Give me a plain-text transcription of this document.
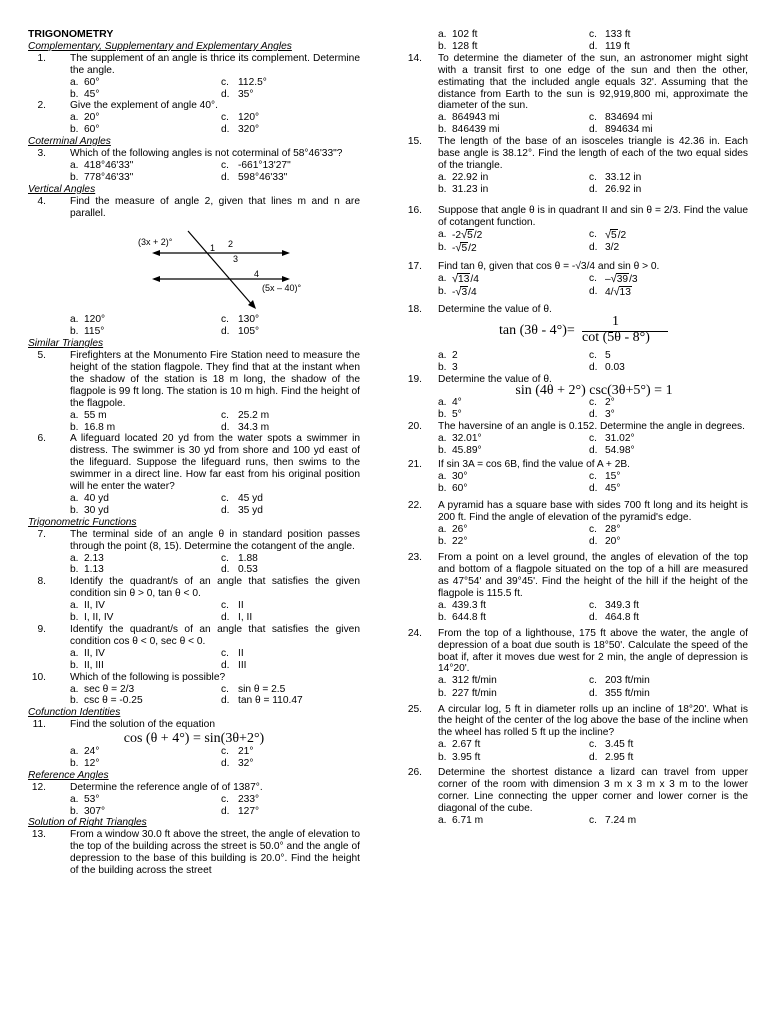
TRIGONOMETRY
Complementary, Supplementary and Explementary Angles
1. The supplement of an angle is thrice its complement. Determine the angle.
a. 60°	c. 112.5°
b. 45°	d. 35°
2. Give the explement of angle 40°.
a. 20°	c. 120°
b. 60°	d. 320°
Coterminal Angles
3. Which of the following angles is not coterminal of 58°46'33"?
a. 418°46'33"	c. -661°13'27"
b. 778°46'33"	d. 598°46'33"
Vertical Angles
4. Find the measure of angle 2, given that lines m and n are parallel.
(3x + 2)°
1 2
3
4
(5x – 40)°
a. 120°	c. 130°
b. 115°	d. 105°
Similar Triangles
5. Firefighters at the Monumento Fire Station need to measure the height of the station flagpole. They find that at the instant when the shadow of the station is 18 m long, the shadow of the flagpole is 99 ft long. The station is 10 m high. Find the height of the flagpole.
a. 55 m	c. 25.2 m
b. 16.8 m	d. 34.3 m
6. A lifeguard located 20 yd from the water spots a swimmer in distress. The swimmer is 30 yd from shore and 100 yd east of the lifeguard. Suppose the lifeguard runs, then swims to the swimmer in a direct line. How far east from his original position will he enter the water?
a. 40 yd	c. 45 yd
b. 30 yd	d. 35 yd
Trigonometric Functions
7. The terminal side of an angle θ in standard position passes through the point (8, 15). Determine the cotangent of the angle.
a. 2.13	c. 1.88
b. 1.13	d. 0.53
8. Identify the quadrant/s of an angle that satisfies the given condition sin θ > 0, tan θ < 0.
a. II, IV	c. II
b. I, II, IV	d. I, II
9. Identify the quadrant/s of an angle that satisfies the given condition cos θ < 0, sec θ < 0.
a. II, IV	c. II
b. II, III	d. III
10. Which of the following is possible?
a. sec θ = 2/3	c. sin θ = 2.5
b. csc θ = -0.25	d. tan θ = 110.47
Cofunction Identities
11. Find the solution of the equation
cos (θ + 4°) = sin(3θ+2°)
a. 24°	c. 21°
b. 12°	d. 32°
Reference Angles
12. Determine the reference angle of of 1387°.
a. 53°	c. 233°
b. 307°	d. 127°
Solution of Right Triangles
13. From a window 30.0 ft above the street, the angle of elevation to the top of the building across the street is 50.0° and the angle of depression to the base of this building is 20.0°. Find the height of the building across the street
a. 102 ft	c. 133 ft
b. 128 ft	d. 119 ft
14. To determine the diameter of the sun, an astronomer might sight with a transit first to one edge of the sun and then the other, estimating that the included angle equals 32'. Assuming that the distance from Earth to the sun is 92,919,800 mi, approximate the diameter of the sun.
a. 864943 mi	c. 834694 mi
b. 846439 mi	d. 894634 mi
15. The length of the base of an isosceles triangle is 42.36 in. Each base angle is 38.12°. Find the length of each of the two equal sides of the triangle.
a. 22.92 in	c. 33.12 in
b. 31.23 in	d. 26.92 in
16. Suppose that angle θ is in quadrant II and sin θ = 2/3. Find the value of cotangent function.
a. -2√5/2	c. √5/2
b. -√5/2	d. 3/2
17. Find tan θ, given that cos θ = -√3/4 and sin θ > 0.
a. √13/4	c. –√39/3
b. -√3/4	d. 4/√13
18. Determine the value of θ.
tan (3θ - 4°)=
1
cot (5θ - 8°)
a. 2	c. 5
b. 3	d. 0.03
19. Determine the value of θ.
sin (4θ + 2°) csc(3θ+5°) = 1
a. 4°	c. 2°
b. 5°	d. 3°
20. The haversine of an angle is 0.152. Determine the angle in degrees.
a. 32.01°	c. 31.02°
b. 45.89°	d. 54.98°
21. If sin 3A = cos 6B, find the value of A + 2B.
a. 30°	c. 15°
b. 60°	d. 45°
22. A pyramid has a square base with sides 700 ft long and its height is 200 ft. Find the angle of elevation of the pyramid's edge.
a. 26°	c. 28°
b. 22°	d. 20°
23. From a point on a level ground, the angles of elevation of the top and bottom of a flagpole situated on the top of a hill are measured as 47°54' and 39°45'. Find the height of the hill if the height of the flagpole is 115.5 ft.
a. 439.3 ft	c. 349.3 ft
b. 644.8 ft	d. 464.8 ft
24. From the top of a lighthouse, 175 ft above the water, the angle of depression of a boat due south is 18°50'. Calculate the speed of the boat if, after it moves due west for 2 min, the angle of depression is 14°20'.
a. 312 ft/min	c. 203 ft/min
b. 227 ft/min	d. 355 ft/min
25. A circular log, 5 ft in diameter rolls up an incline of 18°20'. What is the height of the center of the log above the base of the incline when the wheel has rolled 5 ft up the incline?
a. 2.67 ft	c. 3.45 ft
b. 3.95 ft	d. 2.95 ft
26. Determine the shortest distance a lizard can travel from upper corner of the room with dimension 3 m x 3 m x 3 m to the lower corner. Line connecting the upper corner and lower corner is the diagonal of the cube.
a. 6.71 m	c. 7.24 m
